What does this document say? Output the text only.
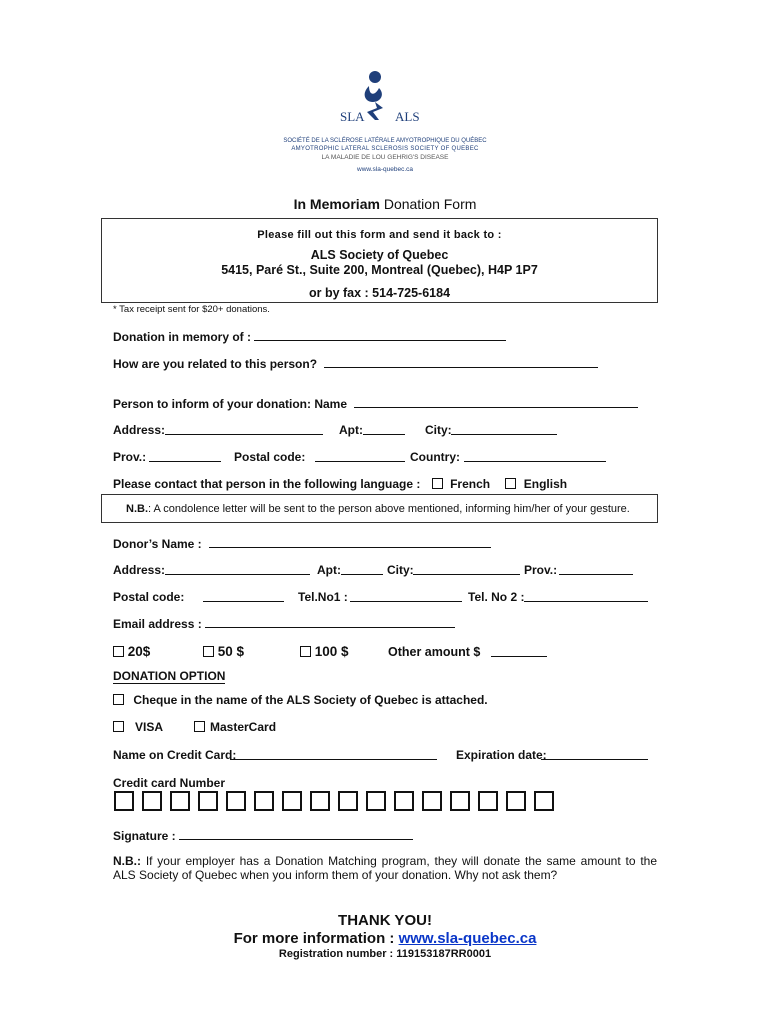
SLA ALS
SOCIÉTÉ DE LA SCLÉROSE LATÉRALE AMYOTROPHIQUE DU QUÉBEC
AMYOTROPHIC LATERAL SCLEROSIS SOCIETY OF QUEBEC
LA MALADIE DE LOU GEHRIG'S DISEASE
www.sla-quebec.ca
In Memoriam Donation Form
Please fill out this form and send it back to :
ALS Society of Quebec
5415, Paré St., Suite 200, Montreal (Quebec), H4P 1P7
or by fax : 514-725-6184
* Tax receipt sent for $20+ donations.
Donation in memory of :
How are you related to this person?
Person to inform of your donation: Name
Address:	Apt:	City:
Prov.:	Postal code:	Country:
Please contact that person in the following language : French	English
N.B.: A condolence letter will be sent to the person above mentioned, informing him/her of your gesture.
Donor’s Name :
Address:	Apt:	City:	Prov.:
Postal code:	Tel.No1 :	Tel. No 2 :
Email address :
20$	50 $	100 $	Other amount $
DONATION OPTION
Cheque in the name of the ALS Society of Quebec is attached.
VISA	MasterCard
Name on Credit Card:	Expiration date:
Credit card Number
Signature :
N.B.: If your employer has a Donation Matching program, they will donate the same amount to the ALS Society of Quebec when you inform them of your donation. Why not ask them?
THANK YOU!
For more information : www.sla-quebec.ca
Registration number : 119153187RR0001
